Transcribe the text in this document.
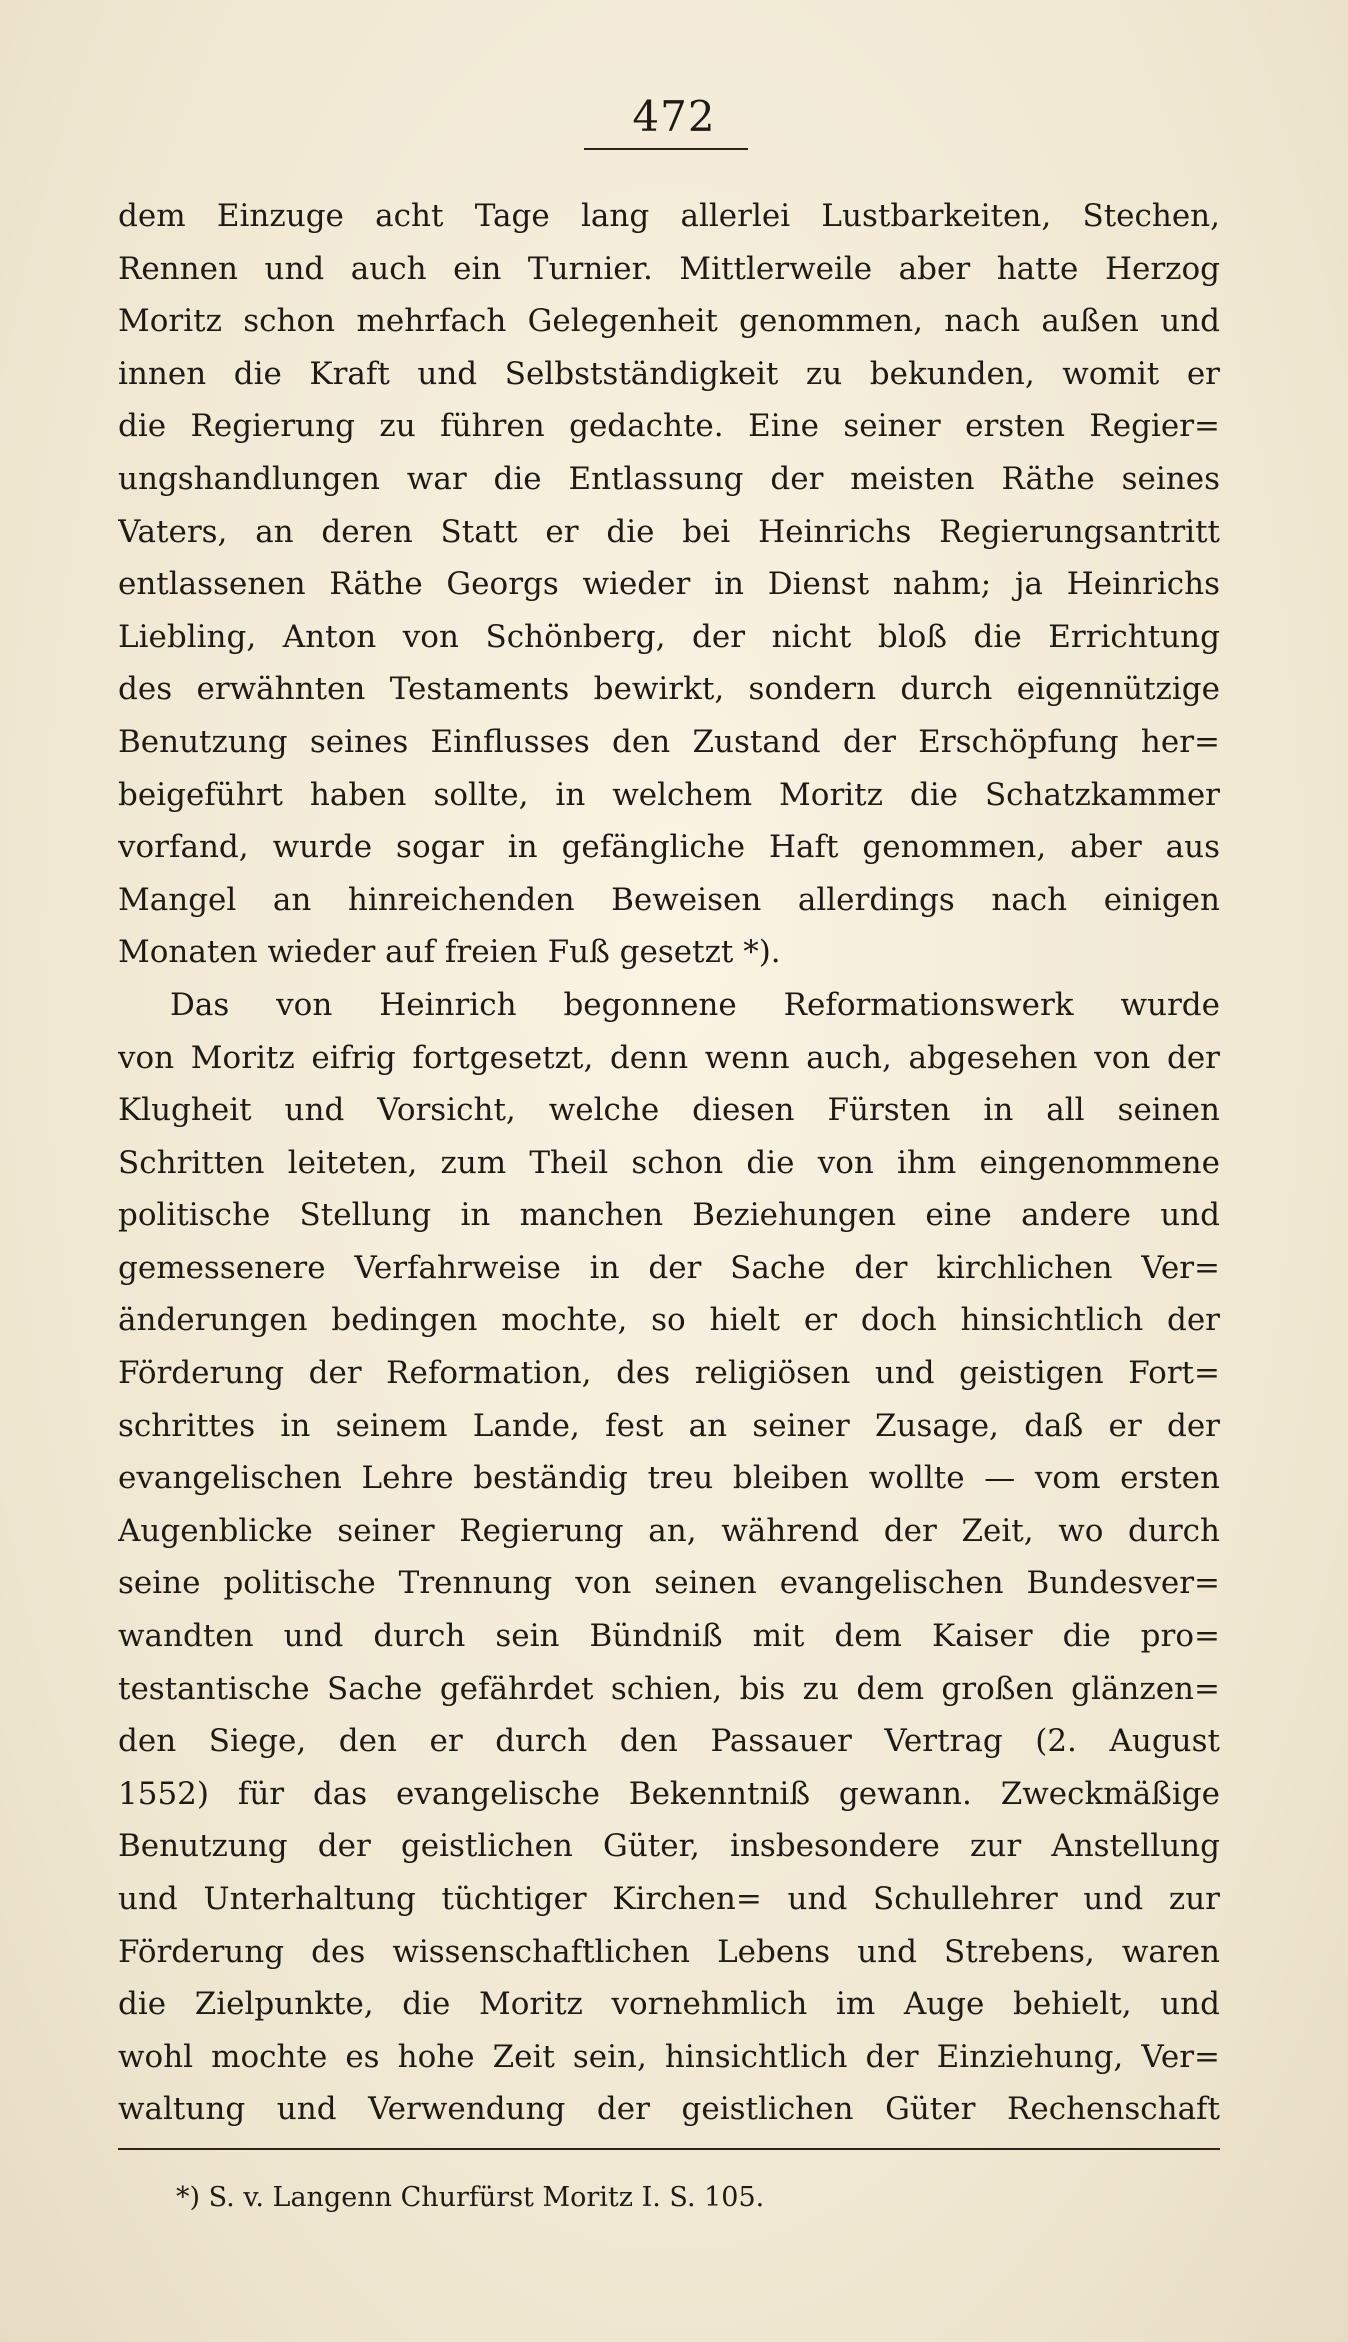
472
dem Einzuge acht Tage lang allerlei Lustbarkeiten, Stechen,
Rennen und auch ein Turnier. Mittlerweile aber hatte Herzog
Moritz schon mehrfach Gelegenheit genommen, nach außen und
innen die Kraft und Selbstständigkeit zu bekunden, womit er
die Regierung zu führen gedachte. Eine seiner ersten Regier=
ungshandlungen war die Entlassung der meisten Räthe seines
Vaters, an deren Statt er die bei Heinrichs Regierungsantritt
entlassenen Räthe Georgs wieder in Dienst nahm; ja Heinrichs
Liebling, Anton von Schönberg, der nicht bloß die Errichtung
des erwähnten Testaments bewirkt, sondern durch eigennützige
Benutzung seines Einflusses den Zustand der Erschöpfung her=
beigeführt haben sollte, in welchem Moritz die Schatzkammer
vorfand, wurde sogar in gefängliche Haft genommen, aber aus
Mangel an hinreichenden Beweisen allerdings nach einigen
Monaten wieder auf freien Fuß gesetzt *).
Das von Heinrich begonnene Reformationswerk wurde
von Moritz eifrig fortgesetzt, denn wenn auch, abgesehen von der
Klugheit und Vorsicht, welche diesen Fürsten in all seinen
Schritten leiteten, zum Theil schon die von ihm eingenommene
politische Stellung in manchen Beziehungen eine andere und
gemessenere Verfahrweise in der Sache der kirchlichen Ver=
änderungen bedingen mochte, so hielt er doch hinsichtlich der
Förderung der Reformation, des religiösen und geistigen Fort=
schrittes in seinem Lande, fest an seiner Zusage, daß er der
evangelischen Lehre beständig treu bleiben wollte — vom ersten
Augenblicke seiner Regierung an, während der Zeit, wo durch
seine politische Trennung von seinen evangelischen Bundesver=
wandten und durch sein Bündniß mit dem Kaiser die pro=
testantische Sache gefährdet schien, bis zu dem großen glänzen=
den Siege, den er durch den Passauer Vertrag (2. August
1552) für das evangelische Bekenntniß gewann. Zweckmäßige
Benutzung der geistlichen Güter, insbesondere zur Anstellung
und Unterhaltung tüchtiger Kirchen= und Schullehrer und zur
Förderung des wissenschaftlichen Lebens und Strebens, waren
die Zielpunkte, die Moritz vornehmlich im Auge behielt, und
wohl mochte es hohe Zeit sein, hinsichtlich der Einziehung, Ver=
waltung und Verwendung der geistlichen Güter Rechenschaft
*) S. v. Langenn Churfürst Moritz I. S. 105.
